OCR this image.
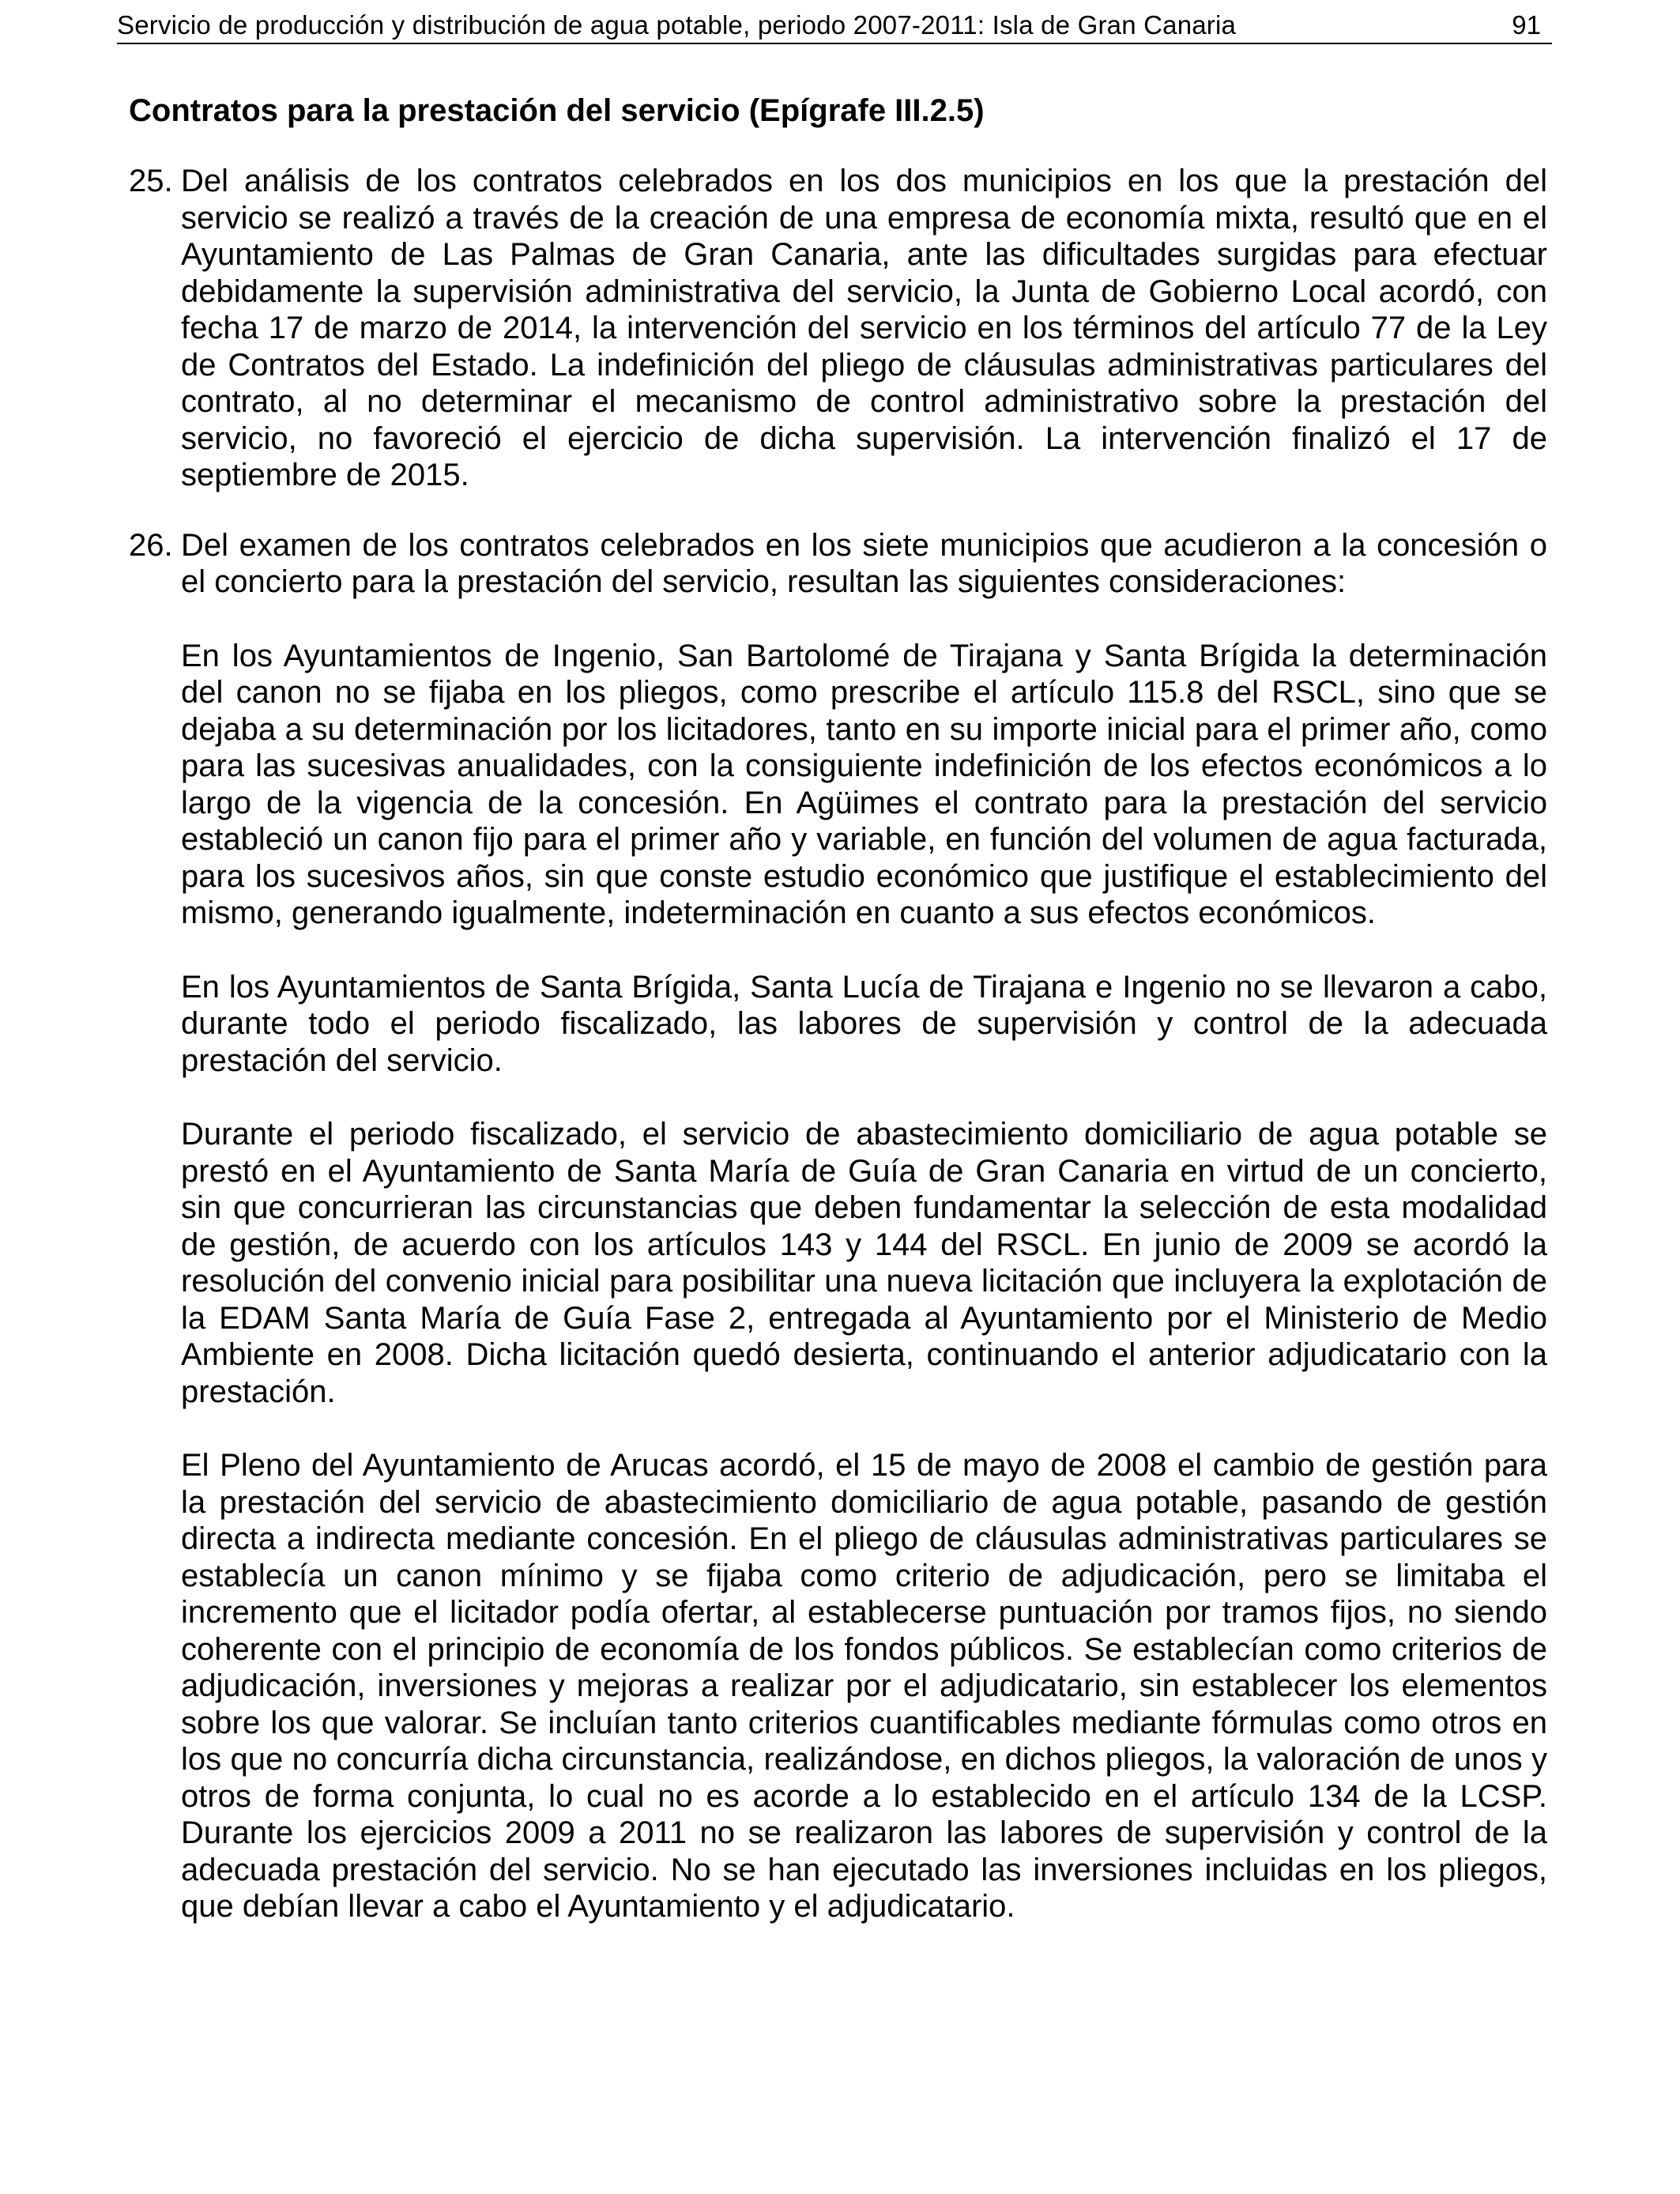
Servicio de producción y distribución de agua potable, periodo 2007-2011: Isla de Gran Canaria	91
Contratos para la prestación del servicio (Epígrafe III.2.5)
25. Del análisis de los contratos celebrados en los dos municipios en los que la prestación del servicio se realizó a través de la creación de una empresa de economía mixta, resultó que en el Ayuntamiento de Las Palmas de Gran Canaria, ante las dificultades surgidas para efectuar debidamente la supervisión administrativa del servicio, la Junta de Gobierno Local acordó, con fecha 17 de marzo de 2014, la intervención del servicio en los términos del artículo 77 de la Ley de Contratos del Estado. La indefinición del pliego de cláusulas administrativas particulares del contrato, al no determinar el mecanismo de control administrativo sobre la prestación del servicio, no favoreció el ejercicio de dicha supervisión. La intervención finalizó el 17 de septiembre de 2015.
26. Del examen de los contratos celebrados en los siete municipios que acudieron a la concesión o el concierto para la prestación del servicio, resultan las siguientes consideraciones:

En los Ayuntamientos de Ingenio, San Bartolomé de Tirajana y Santa Brígida la determinación del canon no se fijaba en los pliegos, como prescribe el artículo 115.8 del RSCL, sino que se dejaba a su determinación por los licitadores, tanto en su importe inicial para el primer año, como para las sucesivas anualidades, con la consiguiente indefinición de los efectos económicos a lo largo de la vigencia de la concesión. En Agüimes el contrato para la prestación del servicio estableció un canon fijo para el primer año y variable, en función del volumen de agua facturada, para los sucesivos años, sin que conste estudio económico que justifique el establecimiento del mismo, generando igualmente, indeterminación en cuanto a sus efectos económicos.

En los Ayuntamientos de Santa Brígida, Santa Lucía de Tirajana e Ingenio no se llevaron a cabo, durante todo el periodo fiscalizado, las labores de supervisión y control de la adecuada prestación del servicio.

Durante el periodo fiscalizado, el servicio de abastecimiento domiciliario de agua potable se prestó en el Ayuntamiento de Santa María de Guía de Gran Canaria en virtud de un concierto, sin que concurrieran las circunstancias que deben fundamentar la selección de esta modalidad de gestión, de acuerdo con los artículos 143 y 144 del RSCL. En junio de 2009 se acordó la resolución del convenio inicial para posibilitar una nueva licitación que incluyera la explotación de la EDAM Santa María de Guía Fase 2, entregada al Ayuntamiento por el Ministerio de Medio Ambiente en 2008. Dicha licitación quedó desierta, continuando el anterior adjudicatario con la prestación.

El Pleno del Ayuntamiento de Arucas acordó, el 15 de mayo de 2008 el cambio de gestión para la prestación del servicio de abastecimiento domiciliario de agua potable, pasando de gestión directa a indirecta mediante concesión. En el pliego de cláusulas administrativas particulares se establecía un canon mínimo y se fijaba como criterio de adjudicación, pero se limitaba el incremento que el licitador podía ofertar, al establecerse puntuación por tramos fijos, no siendo coherente con el principio de economía de los fondos públicos. Se establecían como criterios de adjudicación, inversiones y mejoras a realizar por el adjudicatario, sin establecer los elementos sobre los que valorar. Se incluían tanto criterios cuantificables mediante fórmulas como otros en los que no concurría dicha circunstancia, realizándose, en dichos pliegos, la valoración de unos y otros de forma conjunta, lo cual no es acorde a lo establecido en el artículo 134 de la LCSP. Durante los ejercicios 2009 a 2011 no se realizaron las labores de supervisión y control de la adecuada prestación del servicio. No se han ejecutado las inversiones incluidas en los pliegos, que debían llevar a cabo el Ayuntamiento y el adjudicatario.
